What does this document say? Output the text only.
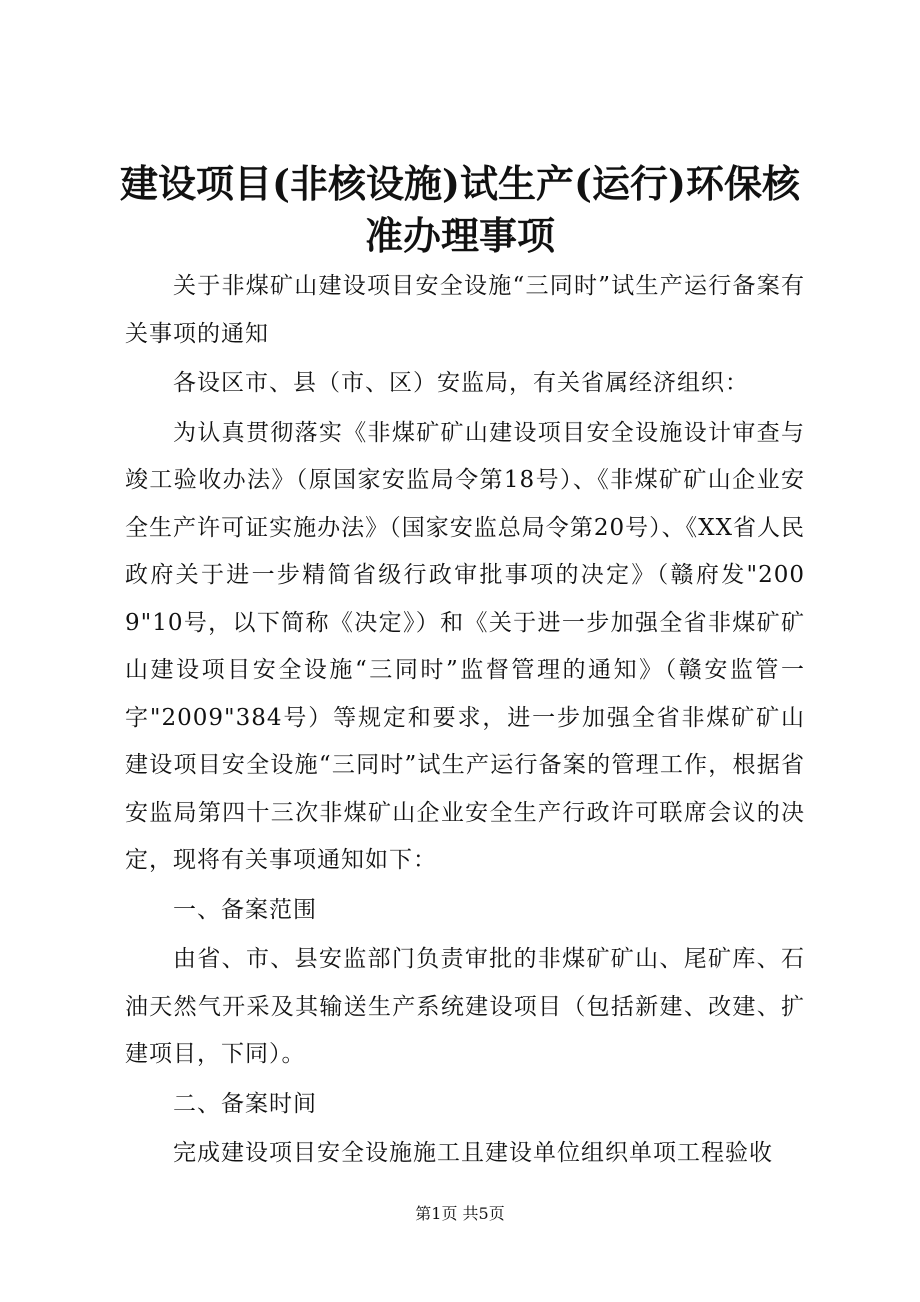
建设项目(非核设施)试生产(运行)环保核准办理事项

关于非煤矿山建设项目安全设施“三同时”试生产运行备案有关事项的通知

各设区市、县（市、区）安监局，有关省属经济组织：

为认真贯彻落实《非煤矿矿山建设项目安全设施设计审查与竣工验收办法》（原国家安监局令第18号）、《非煤矿矿山企业安全生产许可证实施办法》（国家安监总局令第20号）、《XX省人民政府关于进一步精简省级行政审批事项的决定》（赣府发"2009"10号，以下简称《决定》）和《关于进一步加强全省非煤矿矿山建设项目安全设施“三同时”监督管理的通知》（赣安监管一字"2009"384号）等规定和要求，进一步加强全省非煤矿矿山建设项目安全设施“三同时”试生产运行备案的管理工作，根据省安监局第四十三次非煤矿山企业安全生产行政许可联席会议的决定，现将有关事项通知如下：

一、备案范围

由省、市、县安监部门负责审批的非煤矿矿山、尾矿库、石油天然气开采及其输送生产系统建设项目（包括新建、改建、扩建项目，下同）。

二、备案时间

完成建设项目安全设施施工且建设单位组织单项工程验收

第1页 共5页
